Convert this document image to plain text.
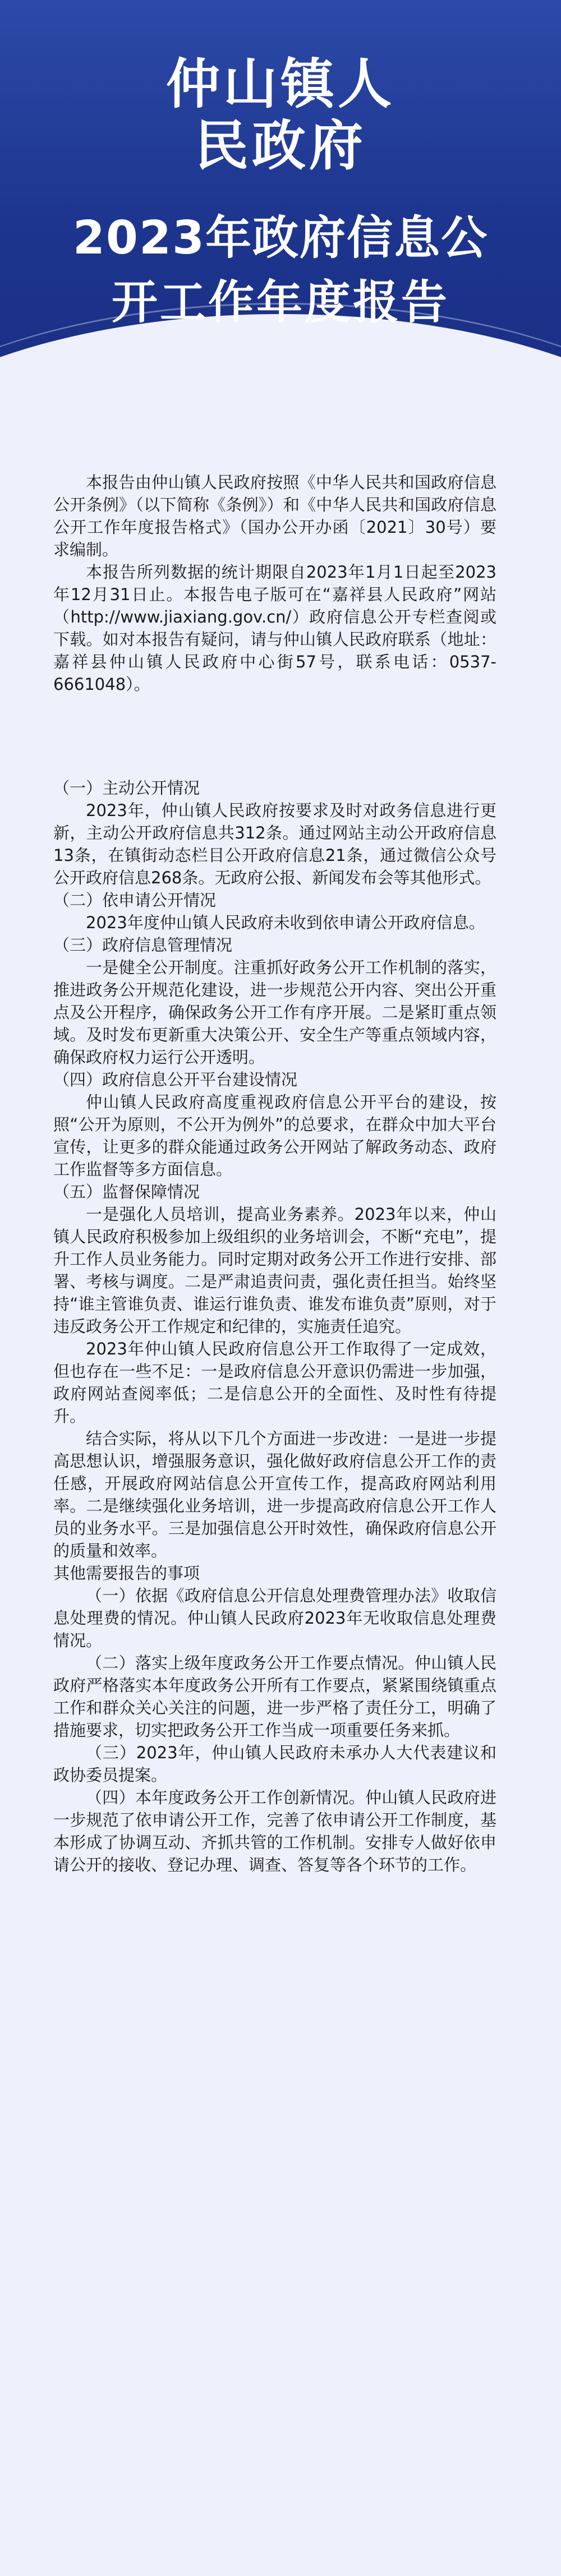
仲山镇人
民政府
2023年政府信息公
开工作年度报告

本报告由仲山镇人民政府按照《中华人民共和国政府信息公开条例》（以下简称《条例》）和《中华人民共和国政府信息公开工作年度报告格式》（国办公开办函〔2021〕30号）要求编制。

本报告所列数据的统计期限自2023年1月1日起至2023年12月31日止。本报告电子版可在“嘉祥县人民政府”网站（http://www.jiaxiang.gov.cn/）政府信息公开专栏查阅或下载。如对本报告有疑问，请与仲山镇人民政府联系（地址：嘉祥县仲山镇人民政府中心街57号，联系电话：0537-6661048）。

（一）主动公开情况

2023年，仲山镇人民政府按要求及时对政务信息进行更新，主动公开政府信息共312条。通过网站主动公开政府信息13条，在镇街动态栏目公开政府信息21条，通过微信公众号公开政府信息268条。无政府公报、新闻发布会等其他形式。

（二）依申请公开情况

2023年度仲山镇人民政府未收到依申请公开政府信息。

（三）政府信息管理情况

一是健全公开制度。注重抓好政务公开工作机制的落实，推进政务公开规范化建设，进一步规范公开内容、突出公开重点及公开程序，确保政务公开工作有序开展。二是紧盯重点领域。及时发布更新重大决策公开、安全生产等重点领域内容，确保政府权力运行公开透明。

（四）政府信息公开平台建设情况

仲山镇人民政府高度重视政府信息公开平台的建设，按照“公开为原则，不公开为例外”的总要求，在群众中加大平台宣传，让更多的群众能通过政务公开网站了解政务动态、政府工作监督等多方面信息。

（五）监督保障情况

一是强化人员培训，提高业务素养。2023年以来，仲山镇人民政府积极参加上级组织的业务培训会，不断“充电”，提升工作人员业务能力。同时定期对政务公开工作进行安排、部署、考核与调度。二是严肃追责问责，强化责任担当。始终坚持“谁主管谁负责、谁运行谁负责、谁发布谁负责”原则，对于违反政务公开工作规定和纪律的，实施责任追究。

2023年仲山镇人民政府信息公开工作取得了一定成效，但也存在一些不足：一是政府信息公开意识仍需进一步加强，政府网站查阅率低；二是信息公开的全面性、及时性有待提升。

结合实际，将从以下几个方面进一步改进：一是进一步提高思想认识，增强服务意识，强化做好政府信息公开工作的责任感，开展政府网站信息公开宣传工作，提高政府网站利用率。二是继续强化业务培训，进一步提高政府信息公开工作人员的业务水平。三是加强信息公开时效性，确保政府信息公开的质量和效率。

其他需要报告的事项

（一）依据《政府信息公开信息处理费管理办法》收取信息处理费的情况。仲山镇人民政府2023年无收取信息处理费情况。

（二）落实上级年度政务公开工作要点情况。仲山镇人民政府严格落实本年度政务公开所有工作要点，紧紧围绕镇重点工作和群众关心关注的问题，进一步严格了责任分工，明确了措施要求，切实把政务公开工作当成一项重要任务来抓。

（三）2023年，仲山镇人民政府未承办人大代表建议和政协委员提案。

（四）本年度政务公开工作创新情况。仲山镇人民政府进一步规范了依申请公开工作，完善了依申请公开工作制度，基本形成了协调互动、齐抓共管的工作机制。安排专人做好依申请公开的接收、登记办理、调查、答复等各个环节的工作。
